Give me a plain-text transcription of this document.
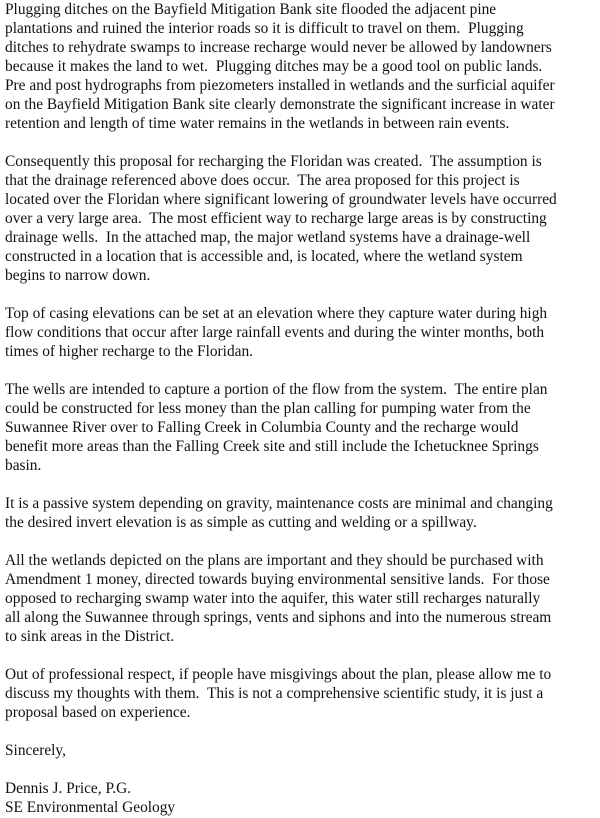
Plugging ditches on the Bayfield Mitigation Bank site flooded the adjacent pine
plantations and ruined the interior roads so it is difficult to travel on them.  Plugging
ditches to rehydrate swamps to increase recharge would never be allowed by landowners
because it makes the land to wet.  Plugging ditches may be a good tool on public lands.
Pre and post hydrographs from piezometers installed in wetlands and the surficial aquifer
on the Bayfield Mitigation Bank site clearly demonstrate the significant increase in water
retention and length of time water remains in the wetlands in between rain events.
Consequently this proposal for recharging the Floridan was created.  The assumption is
that the drainage referenced above does occur.  The area proposed for this project is
located over the Floridan where significant lowering of groundwater levels have occurred
over a very large area.  The most efficient way to recharge large areas is by constructing
drainage wells.  In the attached map, the major wetland systems have a drainage-well
constructed in a location that is accessible and, is located, where the wetland system
begins to narrow down.
Top of casing elevations can be set at an elevation where they capture water during high
flow conditions that occur after large rainfall events and during the winter months, both
times of higher recharge to the Floridan.
The wells are intended to capture a portion of the flow from the system.  The entire plan
could be constructed for less money than the plan calling for pumping water from the
Suwannee River over to Falling Creek in Columbia County and the recharge would
benefit more areas than the Falling Creek site and still include the Ichetucknee Springs
basin.
It is a passive system depending on gravity, maintenance costs are minimal and changing
the desired invert elevation is as simple as cutting and welding or a spillway.
All the wetlands depicted on the plans are important and they should be purchased with
Amendment 1 money, directed towards buying environmental sensitive lands.  For those
opposed to recharging swamp water into the aquifer, this water still recharges naturally
all along the Suwannee through springs, vents and siphons and into the numerous stream
to sink areas in the District.
Out of professional respect, if people have misgivings about the plan, please allow me to
discuss my thoughts with them.  This is not a comprehensive scientific study, it is just a
proposal based on experience.
Sincerely,
Dennis J. Price, P.G.
SE Environmental Geology
